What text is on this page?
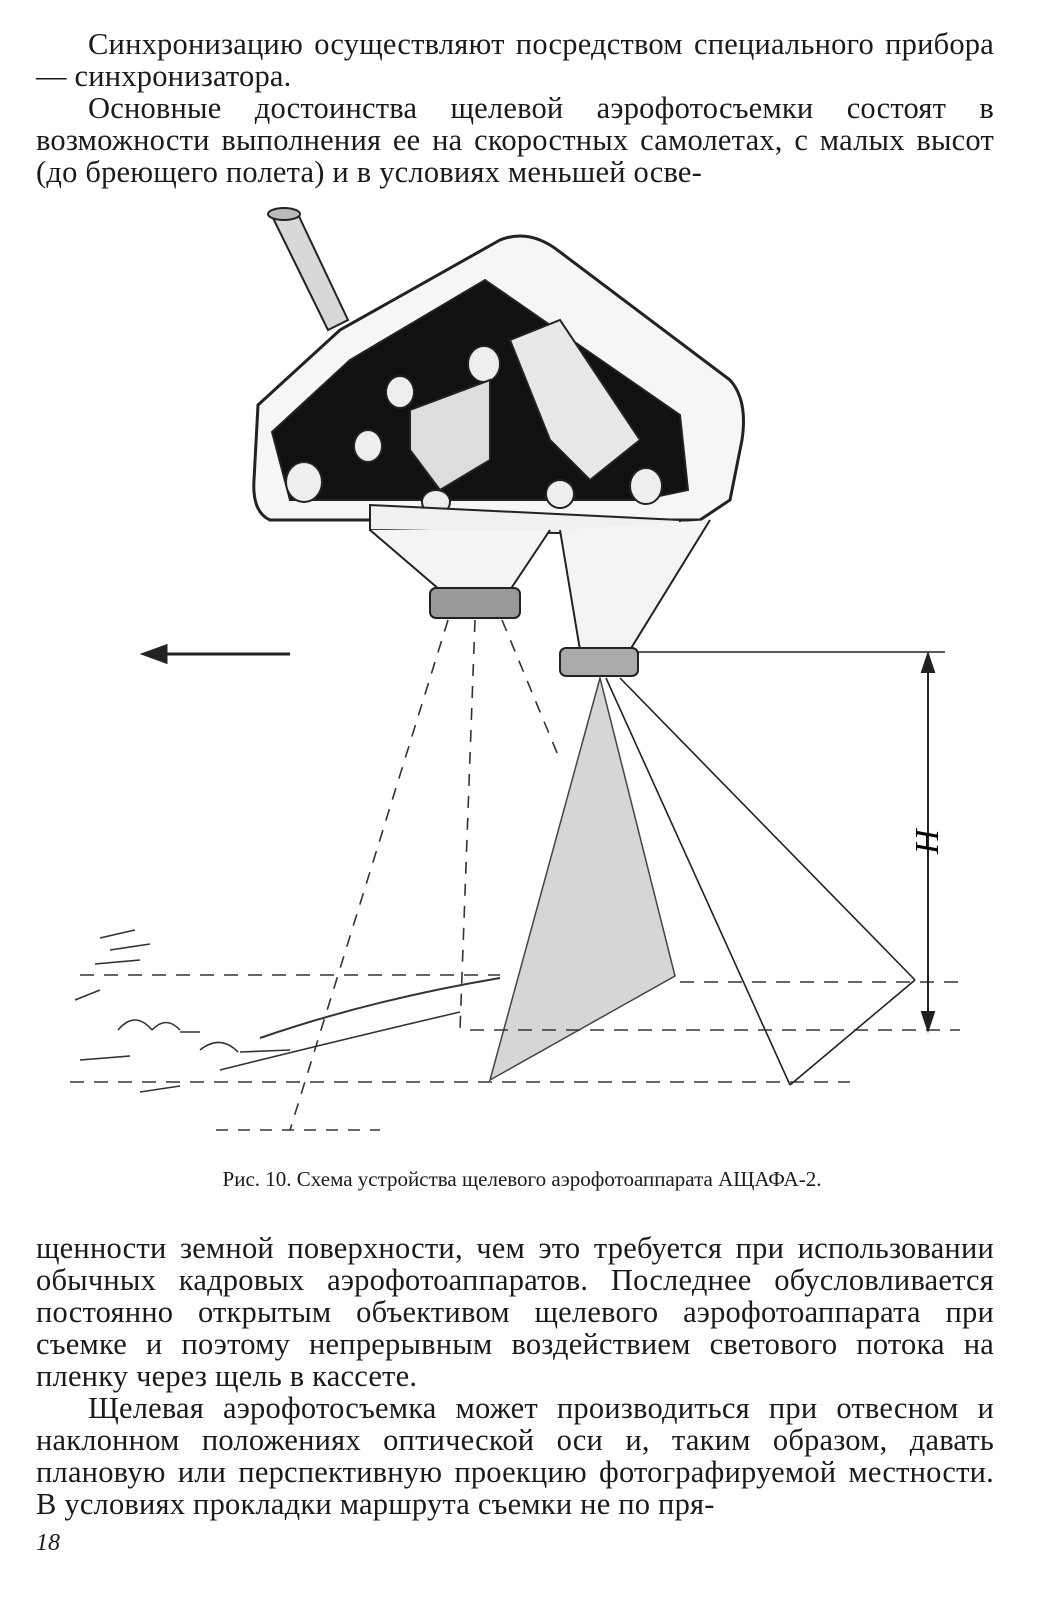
Синхронизацию осуществляют посредством специального прибора — синхронизатора.

Основные достоинства щелевой аэрофотосъемки состоят в возможности выполнения ее на скоростных самолетах, с малых высот (до бреющего полета) и в условиях меньшей осве-

H

Рис. 10. Схема устройства щелевого аэрофотоаппарата АЩАФА-2.

щенности земной поверхности, чем это требуется при использовании обычных кадровых аэрофотоаппаратов. Последнее обусловливается постоянно открытым объективом щелевого аэрофотоаппарата при съемке и поэтому непрерывным воздействием светового потока на пленку через щель в кассете.

Щелевая аэрофотосъемка может производиться при отвесном и наклонном положениях оптической оси и, таким образом, давать плановую или перспективную проекцию фотографируемой местности. В условиях прокладки маршрута съемки не по пря-

18
